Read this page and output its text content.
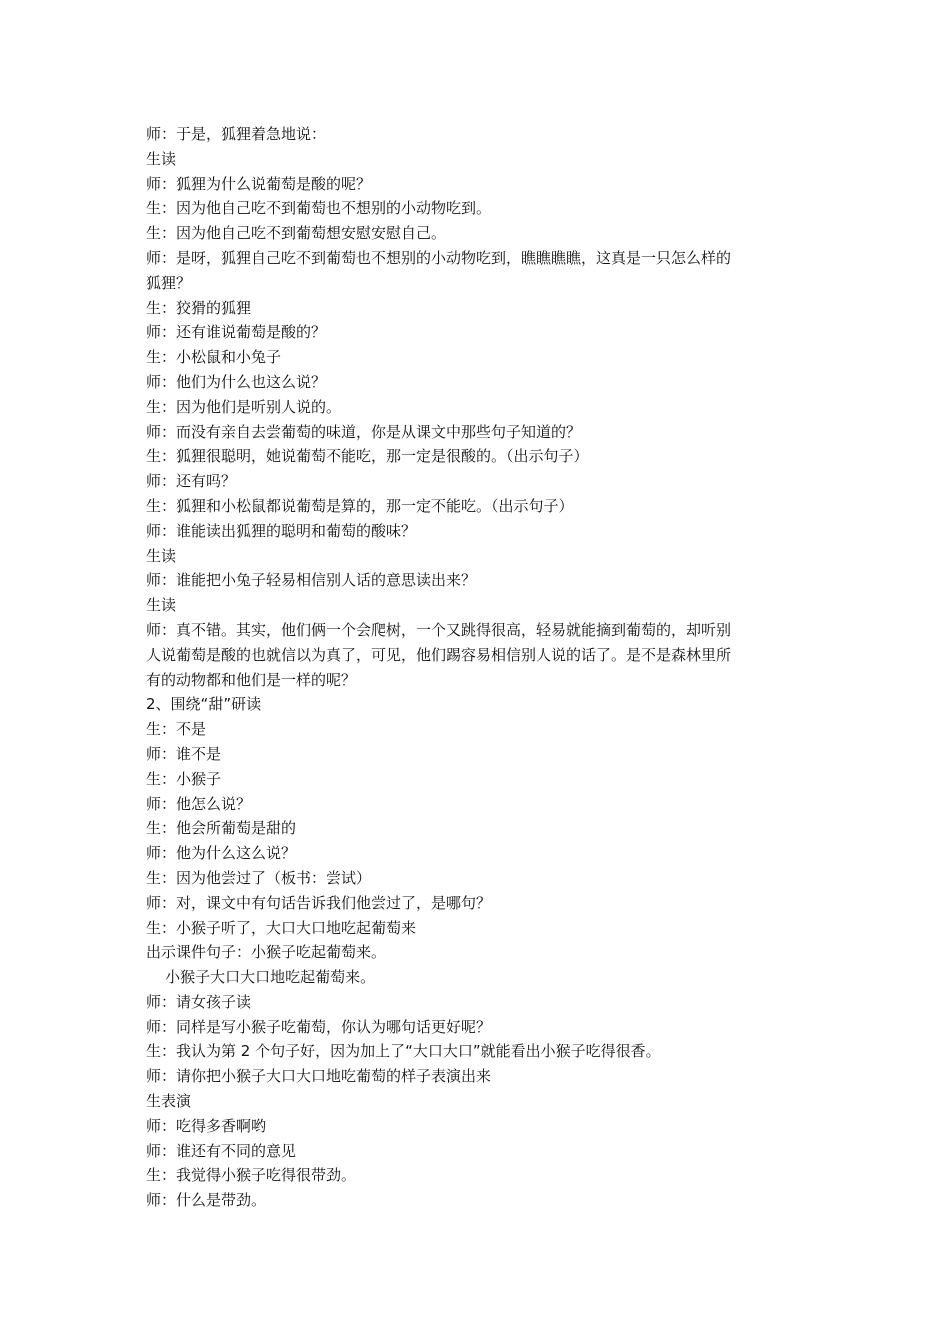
师：于是，狐狸着急地说：
生读
师：狐狸为什么说葡萄是酸的呢？
生：因为他自己吃不到葡萄也不想别的小动物吃到。
生：因为他自己吃不到葡萄想安慰安慰自己。
师：是呀，狐狸自己吃不到葡萄也不想别的小动物吃到，瞧瞧瞧瞧，这真是一只怎么样的
狐狸？
生：狡猾的狐狸
师：还有谁说葡萄是酸的？
生：小松鼠和小兔子
师：他们为什么也这么说？
生：因为他们是听别人说的。
师：而没有亲自去尝葡萄的味道，你是从课文中那些句子知道的？
生：狐狸很聪明，她说葡萄不能吃，那一定是很酸的。（出示句子）
师：还有吗？
生：狐狸和小松鼠都说葡萄是算的，那一定不能吃。（出示句子）
师：谁能读出狐狸的聪明和葡萄的酸味？
生读
师：谁能把小兔子轻易相信别人话的意思读出来？
生读
师：真不错。其实，他们俩一个会爬树，一个又跳得很高，轻易就能摘到葡萄的，却听别
人说葡萄是酸的也就信以为真了，可见，他们踢容易相信别人说的话了。是不是森林里所
有的动物都和他们是一样的呢？
2、围绕“甜”研读
生：不是
师：谁不是
生：小猴子
师：他怎么说？
生：他会所葡萄是甜的
师：他为什么这么说？
生：因为他尝过了（板书：尝试）
师：对，课文中有句话告诉我们他尝过了，是哪句？
生：小猴子听了，大口大口地吃起葡萄来
出示课件句子：小猴子吃起葡萄来。
小猴子大口大口地吃起葡萄来。
师：请女孩子读
师：同样是写小猴子吃葡萄，你认为哪句话更好呢？
生：我认为第 2 个句子好，因为加上了“大口大口”就能看出小猴子吃得很香。
师：请你把小猴子大口大口地吃葡萄的样子表演出来
生表演
师：吃得多香啊哟
师：谁还有不同的意见
生：我觉得小猴子吃得很带劲。
师：什么是带劲。
